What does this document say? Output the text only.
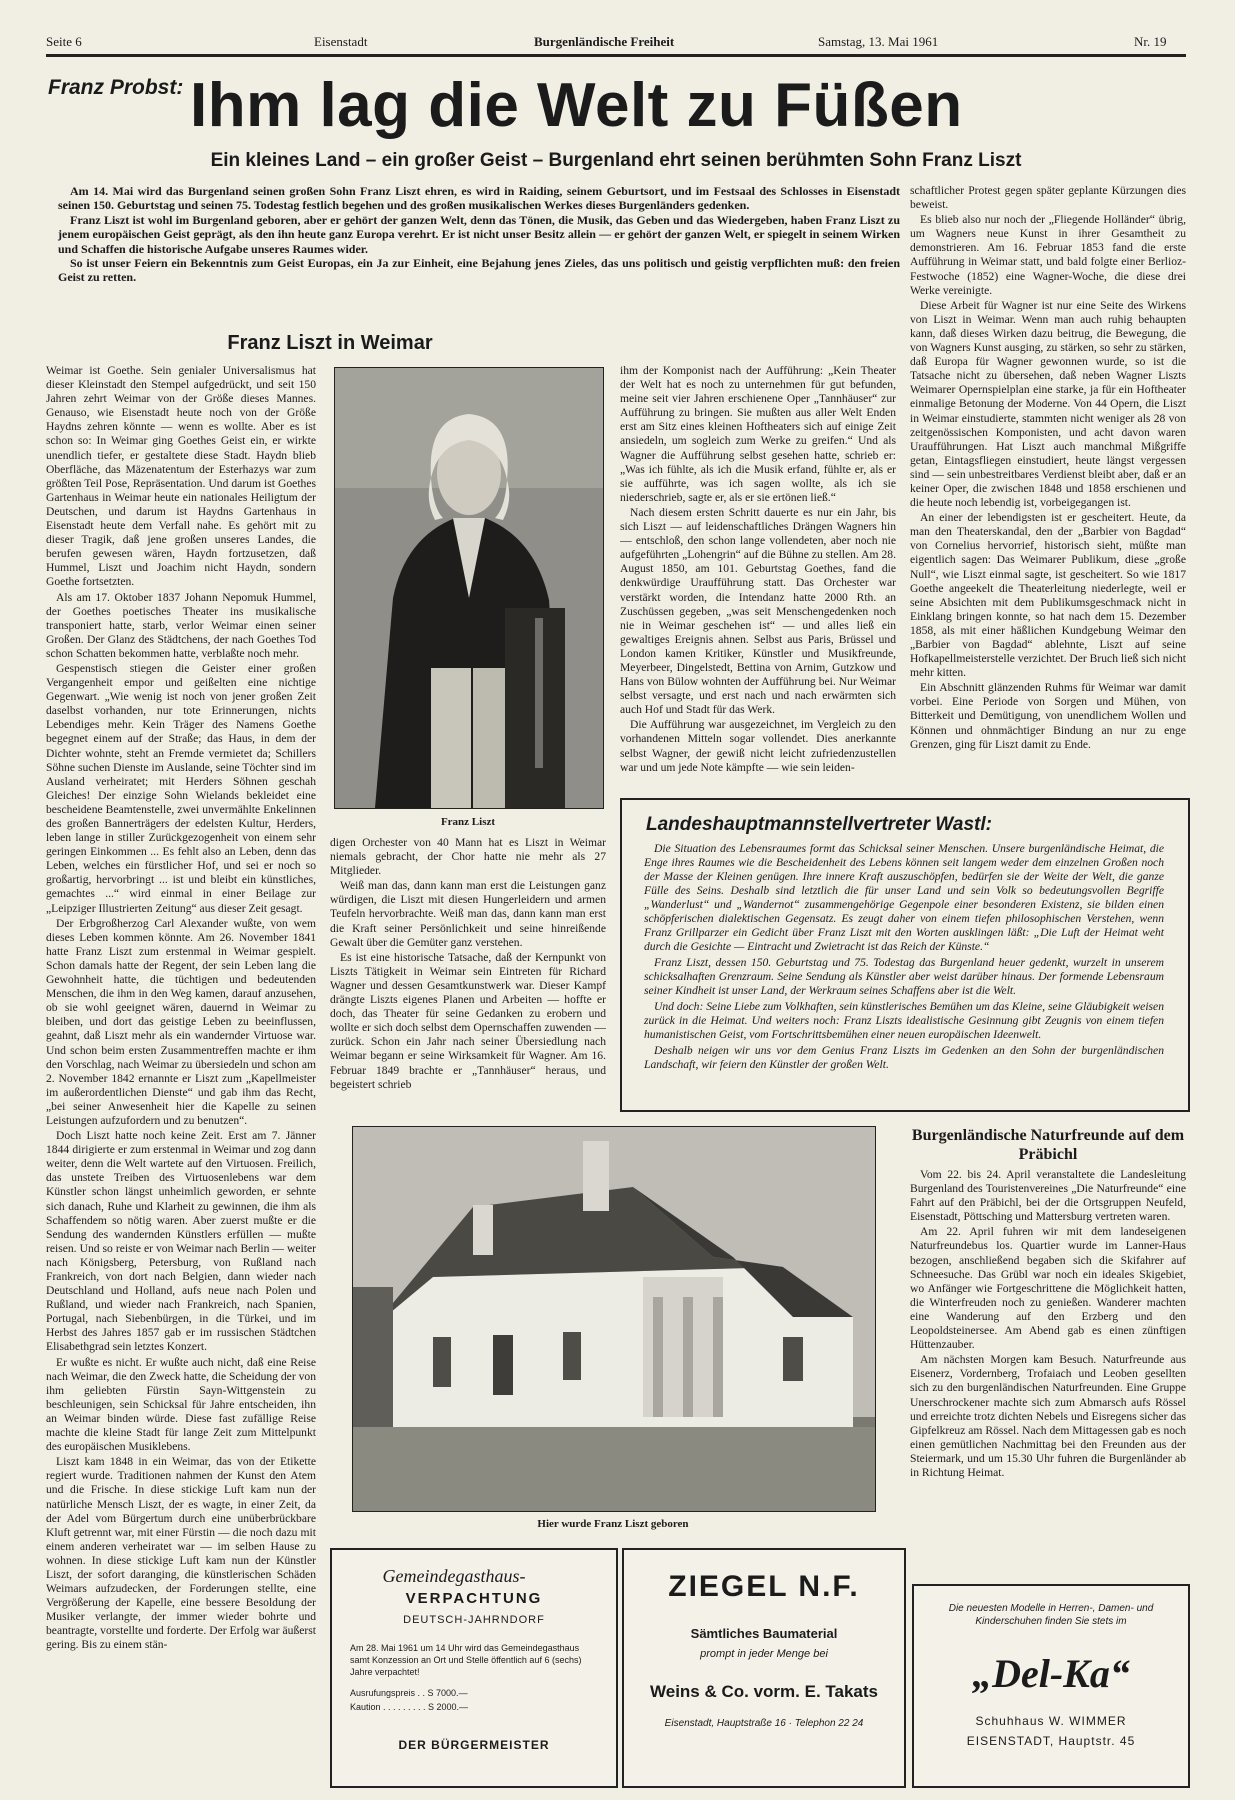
Seite 6	Eisenstadt	Burgenländische Freiheit	Samstag, 13. Mai 1961	Nr. 19
Franz Probst: Ihm lag die Welt zu Füßen
Ein kleines Land – ein großer Geist – Burgenland ehrt seinen berühmten Sohn Franz Liszt

Am 14. Mai wird das Burgenland seinen großen Sohn Franz Liszt ehren, es wird in Raiding, seinem Geburtsort, und im Festsaal des Schlosses in Eisenstadt seinen 150. Geburtstag und seinen 75. Todestag festlich begehen und des großen musikalischen Werkes dieses Burgenländers gedenken.

Franz Liszt ist wohl im Burgenland geboren, aber er gehört der ganzen Welt, denn das Tönen, die Musik, das Geben und das Wiedergeben, haben Franz Liszt zu jenem europäischen Geist geprägt, als den ihn heute ganz Europa verehrt. Er ist nicht unser Besitz allein — er gehört der ganzen Welt, er spiegelt in seinem Wirken und Schaffen die historische Aufgabe unseres Raumes wider.

So ist unser Feiern ein Bekenntnis zum Geist Europas, ein Ja zur Einheit, eine Bejahung jenes Zieles, das uns politisch und geistig verpflichten muß: den freien Geist zu retten.

schaftlicher Protest gegen später geplante Kürzungen dies beweist.

Es blieb also nur noch der „Fliegende Holländer“ übrig, um Wagners neue Kunst in ihrer Gesamtheit zu demonstrieren. Am 16. Februar 1853 fand die erste Aufführung in Weimar statt, und bald folgte einer Berlioz-Festwoche (1852) eine Wagner-Woche, die diese drei Werke vereinigte.

Diese Arbeit für Wagner ist nur eine Seite des Wirkens von Liszt in Weimar. Wenn man auch ruhig behaupten kann, daß dieses Wirken dazu beitrug, die Bewegung, die von Wagners Kunst ausging, zu stärken, so sehr zu stärken, daß Europa für Wagner gewonnen wurde, so ist die Tatsache nicht zu übersehen, daß neben Wagner Liszts Weimarer Opernspielplan eine starke, ja für ein Hoftheater einmalige Betonung der Moderne. Von 44 Opern, die Liszt in Weimar einstudierte, stammten nicht weniger als 28 von zeitgenössischen Komponisten, und acht davon waren Uraufführungen. Hat Liszt auch manchmal Mißgriffe getan, Eintagsfliegen einstudiert, heute längst vergessen sind — sein unbestreitbares Verdienst bleibt aber, daß er an keiner Oper, die zwischen 1848 und 1858 erschienen und die heute noch lebendig ist, vorbeigegangen ist.

An einer der lebendigsten ist er gescheitert. Heute, da man den Theaterskandal, den der „Barbier von Bagdad“ von Cornelius hervorrief, historisch sieht, müßte man eigentlich sagen: Das Weimarer Publikum, diese „große Null“, wie Liszt einmal sagte, ist gescheitert. So wie 1817 Goethe angeekelt die Theaterleitung niederlegte, weil er seine Absichten mit dem Publikumsgeschmack nicht in Einklang bringen konnte, so hat nach dem 15. Dezember 1858, als mit einer häßlichen Kundgebung Weimar den „Barbier von Bagdad“ ablehnte, Liszt auf seine Hofkapellmeisterstelle verzichtet. Der Bruch ließ sich nicht mehr kitten.

Ein Abschnitt glänzenden Ruhms für Weimar war damit vorbei. Eine Periode von Sorgen und Mühen, von Bitterkeit und Demütigung, von unendlichem Wollen und Können und ohnmächtiger Bindung an nur zu enge Grenzen, ging für Liszt damit zu Ende.

Franz Liszt in Weimar

Weimar ist Goethe. Sein genialer Universalismus hat dieser Kleinstadt den Stempel aufgedrückt, und seit 150 Jahren zehrt Weimar von der Größe dieses Mannes. Genauso, wie Eisenstadt heute noch von der Größe Haydns zehren könnte — wenn es wollte. Aber es ist schon so: In Weimar ging Goethes Geist ein, er wirkte unendlich tiefer, er gestaltete diese Stadt. Haydn blieb Oberfläche, das Mäzenatentum der Esterhazys war zum größten Teil Pose, Repräsentation. Und darum ist Goethes Gartenhaus in Weimar heute ein nationales Heiligtum der Deutschen, und darum ist Haydns Gartenhaus in Eisenstadt heute dem Verfall nahe. Es gehört mit zu dieser Tragik, daß jene großen unseres Landes, die berufen gewesen wären, Haydn fortzusetzen, daß Hummel, Liszt und Joachim nicht Haydn, sondern Goethe fortsetzten.

Als am 17. Oktober 1837 Johann Nepomuk Hummel, der Goethes poetisches Theater ins musikalische transponiert hatte, starb, verlor Weimar einen seiner Großen. Der Glanz des Städtchens, der nach Goethes Tod schon Schatten bekommen hatte, verblaßte noch mehr.

Gespenstisch stiegen die Geister einer großen Vergangenheit empor und geißelten eine nichtige Gegenwart. „Wie wenig ist noch von jener großen Zeit daselbst vorhanden, nur tote Erinnerungen, nichts Lebendiges mehr. Kein Träger des Namens Goethe begegnet einem auf der Straße; das Haus, in dem der Dichter wohnte, steht an Fremde vermietet da; Schillers Söhne suchen Dienste im Auslande, seine Töchter sind im Ausland verheiratet; mit Herders Söhnen geschah Gleiches! Der einzige Sohn Wielands bekleidet eine bescheidene Beamtenstelle, zwei unvermählte Enkelinnen des großen Bannerträgers der edelsten Kultur, Herders, leben lange in stiller Zurückgezogenheit von einem sehr geringen Einkommen ... Es fehlt also an Leben, denn das Leben, welches ein fürstlicher Hof, und sei er noch so großartig, hervorbringt ... ist und bleibt ein künstliches, gemachtes ...“ wird einmal in einer Beilage zur „Leipziger Illustrierten Zeitung“ aus dieser Zeit gesagt.

Der Erbgroßherzog Carl Alexander wußte, von wem dieses Leben kommen könnte. Am 26. November 1841 hatte Franz Liszt zum erstenmal in Weimar gespielt. Schon damals hatte der Regent, der sein Leben lang die Gewohnheit hatte, die tüchtigen und bedeutenden Menschen, die ihm in den Weg kamen, darauf anzusehen, ob sie wohl geeignet wären, dauernd in Weimar zu bleiben, und dort das geistige Leben zu beeinflussen, geahnt, daß Liszt mehr als ein wandernder Virtuose war. Und schon beim ersten Zusammentreffen machte er ihm den Vorschlag, nach Weimar zu übersiedeln und schon am 2. November 1842 ernannte er Liszt zum „Kapellmeister im außerordentlichen Dienste“ und gab ihm das Recht, „bei seiner Anwesenheit hier die Kapelle zu seinen Leistungen aufzufordern und zu benutzen“.

Doch Liszt hatte noch keine Zeit. Erst am 7. Jänner 1844 dirigierte er zum erstenmal in Weimar und zog dann weiter, denn die Welt wartete auf den Virtuosen. Freilich, das unstete Treiben des Virtuosenlebens war dem Künstler schon längst unheimlich geworden, er sehnte sich danach, Ruhe und Klarheit zu gewinnen, die ihm als Schaffendem so nötig waren. Aber zuerst mußte er die Sendung des wandernden Künstlers erfüllen — mußte reisen. Und so reiste er von Weimar nach Berlin — weiter nach Königsberg, Petersburg, von Rußland nach Frankreich, von dort nach Belgien, dann wieder nach Deutschland und Holland, aufs neue nach Polen und Rußland, und wieder nach Frankreich, nach Spanien, Portugal, nach Siebenbürgen, in die Türkei, und im Herbst des Jahres 1857 gab er im russischen Städtchen Elisabethgrad sein letztes Konzert.

Er wußte es nicht. Er wußte auch nicht, daß eine Reise nach Weimar, die den Zweck hatte, die Scheidung der von ihm geliebten Fürstin Sayn-Wittgenstein zu beschleunigen, sein Schicksal für Jahre entscheiden, ihn an Weimar binden würde. Diese fast zufällige Reise machte die kleine Stadt für lange Zeit zum Mittelpunkt des europäischen Musiklebens.

Liszt kam 1848 in ein Weimar, das von der Etikette regiert wurde. Traditionen nahmen der Kunst den Atem und die Frische. In diese stickige Luft kam nun der natürliche Mensch Liszt, der es wagte, in einer Zeit, da der Adel vom Bürgertum durch eine unüberbrückbare Kluft getrennt war, mit einer Fürstin — die noch dazu mit einem anderen verheiratet war — im selben Hause zu wohnen. In diese stickige Luft kam nun der Künstler Liszt, der sofort daranging, die künstlerischen Schäden Weimars aufzudecken, der Forderungen stellte, eine Vergrößerung der Kapelle, eine bessere Besoldung der Musiker verlangte, der immer wieder bohrte und beantragte, vorstellte und forderte. Der Erfolg war äußerst gering. Bis zu einem stän-

Franz Liszt

digen Orchester von 40 Mann hat es Liszt in Weimar niemals gebracht, der Chor hatte nie mehr als 27 Mitglieder.

Weiß man das, dann kann man erst die Leistungen ganz würdigen, die Liszt mit diesen Hungerleidern und armen Teufeln hervorbrachte. Weiß man das, dann kann man erst die Kraft seiner Persönlichkeit und seine hinreißende Gewalt über die Gemüter ganz verstehen.

Es ist eine historische Tatsache, daß der Kernpunkt von Liszts Tätigkeit in Weimar sein Eintreten für Richard Wagner und dessen Gesamtkunstwerk war. Dieser Kampf drängte Liszts eigenes Planen und Arbeiten — hoffte er doch, das Theater für seine Gedanken zu erobern und wollte er sich doch selbst dem Opernschaffen zuwenden — zurück. Schon ein Jahr nach seiner Übersiedlung nach Weimar begann er seine Wirksamkeit für Wagner. Am 16. Februar 1849 brachte er „Tannhäuser“ heraus, und begeistert schrieb

ihm der Komponist nach der Aufführung: „Kein Theater der Welt hat es noch zu unternehmen für gut befunden, meine seit vier Jahren erschienene Oper „Tannhäuser“ zur Aufführung zu bringen. Sie mußten aus aller Welt Enden erst am Sitz eines kleinen Hoftheaters sich auf einige Zeit ansiedeln, um sogleich zum Werke zu greifen.“ Und als Wagner die Aufführung selbst gesehen hatte, schrieb er: „Was ich fühlte, als ich die Musik erfand, fühlte er, als er sie aufführte, was ich sagen wollte, als ich sie niederschrieb, sagte er, als er sie ertönen ließ.“

Nach diesem ersten Schritt dauerte es nur ein Jahr, bis sich Liszt — auf leidenschaftliches Drängen Wagners hin — entschloß, den schon lange vollendeten, aber noch nie aufgeführten „Lohengrin“ auf die Bühne zu stellen. Am 28. August 1850, am 101. Geburtstag Goethes, fand die denkwürdige Uraufführung statt. Das Orchester war verstärkt worden, die Intendanz hatte 2000 Rth. an Zuschüssen gegeben, „was seit Menschengedenken noch nie in Weimar geschehen ist“ — und alles ließ ein gewaltiges Ereignis ahnen. Selbst aus Paris, Brüssel und London kamen Kritiker, Künstler und Musikfreunde, Meyerbeer, Dingelstedt, Bettina von Arnim, Gutzkow und Hans von Bülow wohnten der Aufführung bei. Nur Weimar selbst versagte, und erst nach und nach erwärmten sich auch Hof und Stadt für das Werk.

Die Aufführung war ausgezeichnet, im Vergleich zu den vorhandenen Mitteln sogar vollendet. Dies anerkannte selbst Wagner, der gewiß nicht leicht zufriedenzustellen war und um jede Note kämpfte — wie sein leiden-

Landeshauptmannstellvertreter Wastl:

Die Situation des Lebensraumes formt das Schicksal seiner Menschen. Unsere burgenländische Heimat, die Enge ihres Raumes wie die Bescheidenheit des Lebens können seit langem weder dem einzelnen Großen noch der Masse der Kleinen genügen. Ihre innere Kraft auszuschöpfen, bedürfen sie der Weite der Welt, die ganze Fülle des Seins. Deshalb sind letztlich die für unser Land und sein Volk so bedeutungsvollen Begriffe „Wanderlust“ und „Wandernot“ zusammengehörige Gegenpole einer besonderen Existenz, sie bilden einen schöpferischen dialektischen Gegensatz. Es zeugt daher von einem tiefen philosophischen Verstehen, wenn Franz Grillparzer ein Gedicht über Franz Liszt mit den Worten ausklingen läßt: „Die Luft der Heimat weht durch die Gesichte — Eintracht und Zwietracht ist das Reich der Künste.“

Franz Liszt, dessen 150. Geburtstag und 75. Todestag das Burgenland heuer gedenkt, wurzelt in unserem schicksalhaften Grenzraum. Seine Sendung als Künstler aber weist darüber hinaus. Der formende Lebensraum seiner Kindheit ist unser Land, der Werkraum seines Schaffens aber ist die Welt.

Und doch: Seine Liebe zum Volkhaften, sein künstlerisches Bemühen um das Kleine, seine Gläubigkeit weisen zurück in die Heimat. Und weiters noch: Franz Liszts idealistische Gesinnung gibt Zeugnis von einem tiefen humanistischen Geist, vom Fortschrittsbemühen einer neuen europäischen Ideenwelt.

Deshalb neigen wir uns vor dem Genius Franz Liszts im Gedenken an den Sohn der burgenländischen Landschaft, wir feiern den Künstler der großen Welt.

Hier wurde Franz Liszt geboren
Burgenländische Naturfreunde auf dem Präbichl

Vom 22. bis 24. April veranstaltete die Landesleitung Burgenland des Touristenvereines „Die Naturfreunde“ eine Fahrt auf den Präbichl, bei der die Ortsgruppen Neufeld, Eisenstadt, Pöttsching und Mattersburg vertreten waren.

Am 22. April fuhren wir mit dem landeseigenen Naturfreundebus los. Quartier wurde im Lanner-Haus bezogen, anschließend begaben sich die Skifahrer auf Schneesuche. Das Grübl war noch ein ideales Skigebiet, wo Anfänger wie Fortgeschrittene die Möglichkeit hatten, die Winterfreuden noch zu genießen. Wanderer machten eine Wanderung auf den Erzberg und den Leopoldsteinersee. Am Abend gab es einen zünftigen Hüttenzauber.

Am nächsten Morgen kam Besuch. Naturfreunde aus Eisenerz, Vordernberg, Trofaiach und Leoben gesellten sich zu den burgenländischen Naturfreunden. Eine Gruppe Unerschrockener machte sich zum Abmarsch aufs Rössel und erreichte trotz dichten Nebels und Eisregens sicher das Gipfelkreuz am Rössel. Nach dem Mittagessen gab es noch einen gemütlichen Nachmittag bei den Freunden aus der Steiermark, und um 15.30 Uhr fuhren die Burgenländer ab in Richtung Heimat.

Gemeindegasthaus-
VERPACHTUNG
DEUTSCH-JAHRNDORF
Am 28. Mai 1961 um 14 Uhr wird das Gemeindegasthaus samt Konzession an Ort und Stelle öffentlich auf 6 (sechs) Jahre verpachtet!
Ausrufungspreis . . S 7000.—
Kaution . . . . . . . . . S 2000.—
DER BÜRGERMEISTER
ZIEGEL N.F.
Sämtliches Baumaterial
prompt in jeder Menge bei
Weins & Co. vorm. E. Takats
Eisenstadt, Hauptstraße 16 · Telephon 22 24
Die neuesten Modelle in Herren-, Damen- und Kinderschuhen finden Sie stets im
„Del-Ka“
Schuhhaus W. WIMMER
EISENSTADT, Hauptstr. 45
